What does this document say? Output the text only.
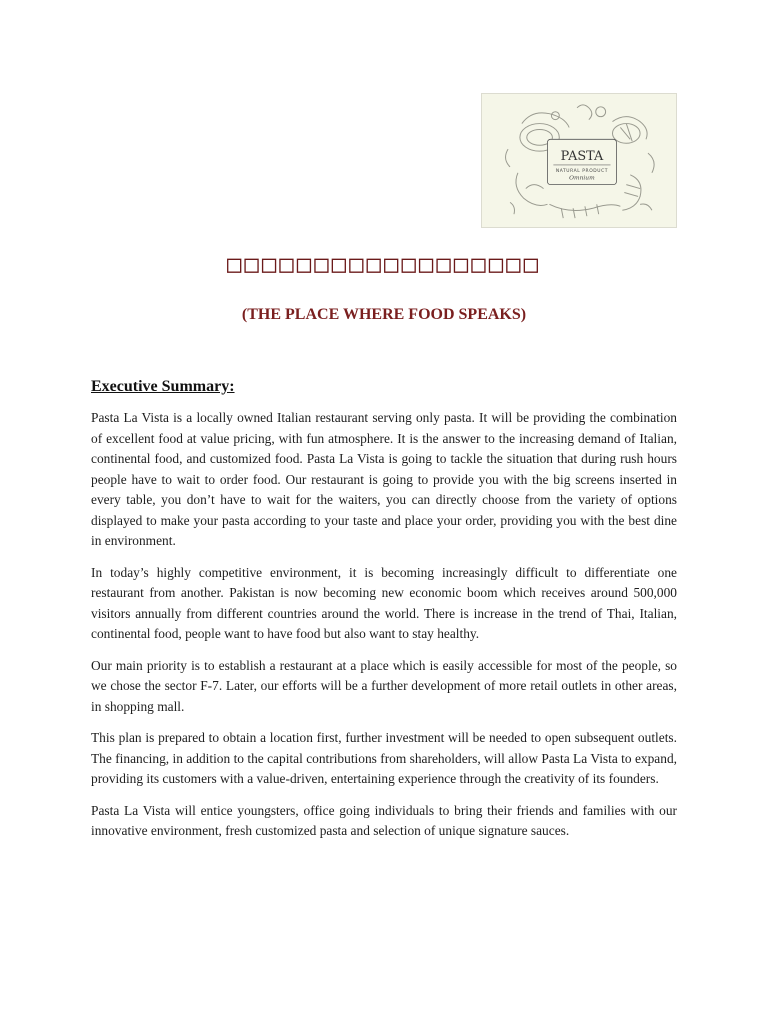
PASTA
NATURAL PRODUCT
Omnium
□□□□□□□□□□□□□□□□□□
(THE PLACE WHERE FOOD SPEAKS)
Executive Summary:

Pasta La Vista is a locally owned Italian restaurant serving only pasta. It will be providing the combination of excellent food at value pricing, with fun atmosphere. It is the answer to the increasing demand of Italian, continental food, and customized food. Pasta La Vista is going to tackle the situation that during rush hours people have to wait to order food. Our restaurant is going to provide you with the big screens inserted in every table, you don’t have to wait for the waiters, you can directly choose from the variety of options displayed to make your pasta according to your taste and place your order, providing you with the best dine in environment.

In today’s highly competitive environment, it is becoming increasingly difficult to differentiate one restaurant from another. Pakistan is now becoming new economic boom which receives around 500,000 visitors annually from different countries around the world. There is increase in the trend of Thai, Italian, continental food, people want to have food but also want to stay healthy.

Our main priority is to establish a restaurant at a place which is easily accessible for most of the people, so we chose the sector F-7. Later, our efforts will be a further development of more retail outlets in other areas, in shopping mall.

This plan is prepared to obtain a location first, further investment will be needed to open subsequent outlets. The financing, in addition to the capital contributions from shareholders, will allow Pasta La Vista to expand, providing its customers with a value-driven, entertaining experience through the creativity of its founders.

Pasta La Vista will entice youngsters, office going individuals to bring their friends and families with our innovative environment, fresh customized pasta and selection of unique signature sauces.
